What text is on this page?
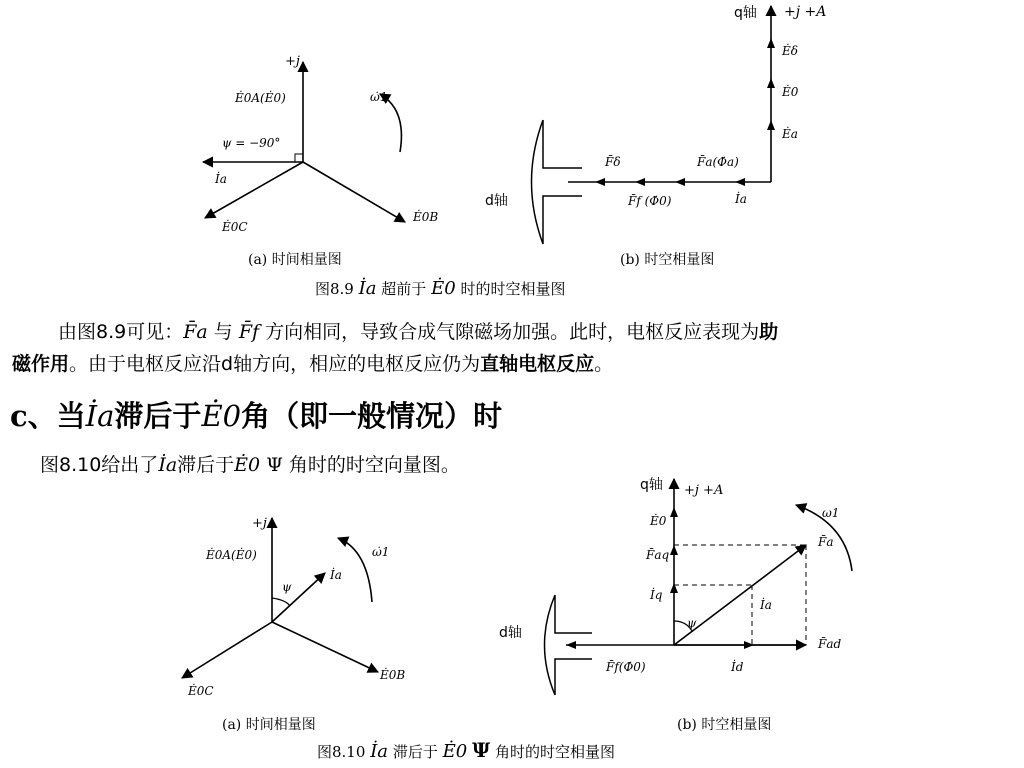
+j
Ė0A(Ė0)
ψ = −90°
İa
Ė0C
Ė0B
ω̇1
(a) 时间相量图
q轴 +j +A
Ėδ
Ė0
Ėa
F̄δ	F̄a(Φ̇a)
d轴	F̄f (Φ̇0)	İa
(b) 时空相量图
图8.9 İa 超前于 Ė0 时的时空相量图
由图8.9可见：F̄a 与 F̄f 方向相同，导致合成气隙磁场加强。此时，电枢反应表现为助
磁作用。由于电枢反应沿d轴方向，相应的电枢反应仍为直轴电枢反应。
c、当İa滞后于Ė0角（即一般情况）时
图8.10给出了İa滞后于Ė0 Ψ 角时的时空向量图。
+j
Ė0A(Ė0)
ψ
İa
ω̇1
Ė0C
Ė0B
(a) 时间相量图
q轴 +j +A
ω1
Ė0
F̄aq
F̄a
İq
İa
ψ
d轴
F̄ad
F̄f(Φ̇0)	İd
(b) 时空相量图
图8.10 İa 滞后于 Ė0 Ψ 角时的时空相量图
